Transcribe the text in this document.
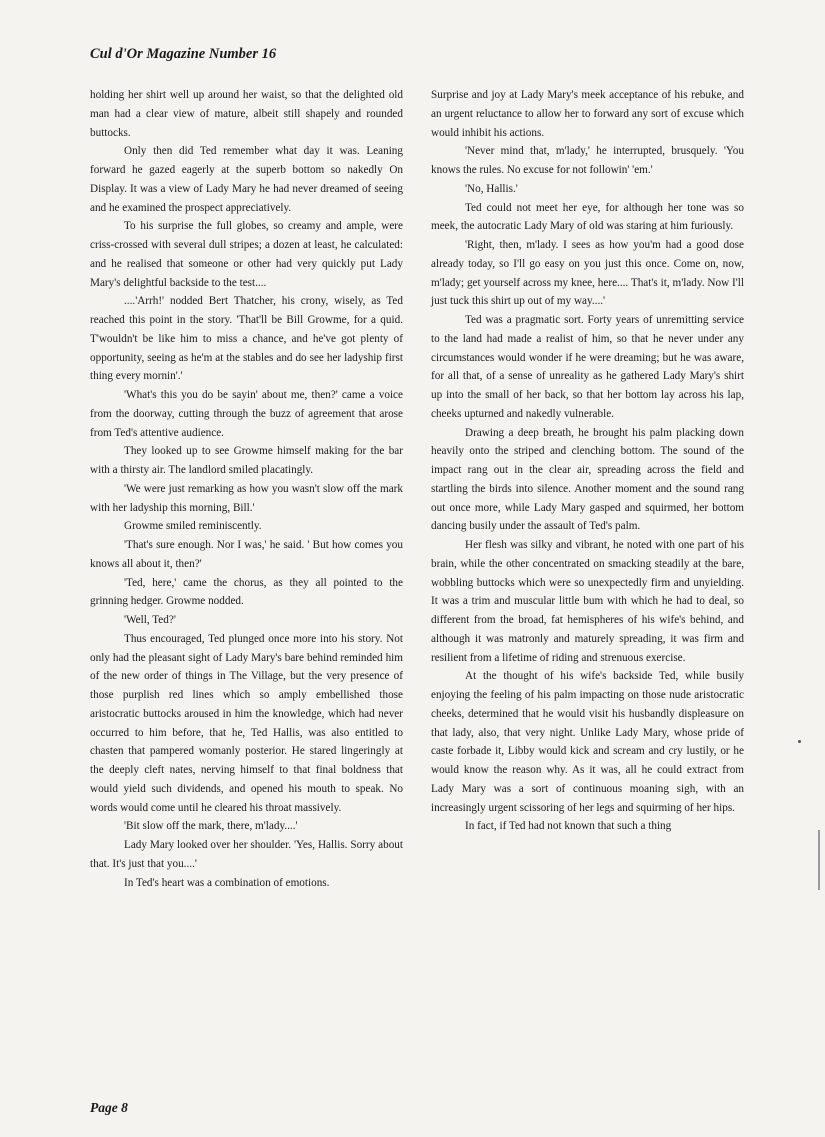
Cul d'Or Magazine Number 16

holding her shirt well up around her waist, so that the delighted old man had a clear view of mature, albeit still shapely and rounded buttocks.

Only then did Ted remember what day it was. Leaning forward he gazed eagerly at the superb bottom so nakedly On Display. It was a view of Lady Mary he had never dreamed of seeing and he examined the prospect appreciatively.

To his surprise the full globes, so creamy and ample, were criss-crossed with several dull stripes; a dozen at least, he calculated: and he realised that someone or other had very quickly put Lady Mary's delightful backside to the test....

....'Arrh!' nodded Bert Thatcher, his crony, wisely, as Ted reached this point in the story. 'That'll be Bill Growme, for a quid. T'wouldn't be like him to miss a chance, and he've got plenty of opportunity, seeing as he'm at the stables and do see her ladyship first thing every mornin'.'

'What's this you do be sayin' about me, then?' came a voice from the doorway, cutting through the buzz of agreement that arose from Ted's attentive audience.

They looked up to see Growme himself making for the bar with a thirsty air. The landlord smiled placatingly.

'We were just remarking as how you wasn't slow off the mark with her ladyship this morning, Bill.'

Growme smiled reminiscently.

'That's sure enough. Nor I was,' he said. ' But how comes you knows all about it, then?'

'Ted, here,' came the chorus, as they all pointed to the grinning hedger. Growme nodded.

'Well, Ted?'

Thus encouraged, Ted plunged once more into his story. Not only had the pleasant sight of Lady Mary's bare behind reminded him of the new order of things in The Village, but the very presence of those purplish red lines which so amply embellished those aristocratic buttocks aroused in him the knowledge, which had never occurred to him before, that he, Ted Hallis, was also entitled to chasten that pampered womanly posterior. He stared lingeringly at the deeply cleft nates, nerving himself to that final boldness that would yield such dividends, and opened his mouth to speak. No words would come until he cleared his throat massively.

'Bit slow off the mark, there, m'lady....'

Lady Mary looked over her shoulder. 'Yes, Hallis. Sorry about that. It's just that you....'

In Ted's heart was a combination of emotions.

Surprise and joy at Lady Mary's meek acceptance of his rebuke, and an urgent reluctance to allow her to forward any sort of excuse which would inhibit his actions.

'Never mind that, m'lady,' he interrupted, brusquely. 'You knows the rules. No excuse for not followin' 'em.'

'No, Hallis.'

Ted could not meet her eye, for although her tone was so meek, the autocratic Lady Mary of old was staring at him furiously.

'Right, then, m'lady. I sees as how you'm had a good dose already today, so I'll go easy on you just this once. Come on, now, m'lady; get yourself across my knee, here.... That's it, m'lady. Now I'll just tuck this shirt up out of my way....'

Ted was a pragmatic sort. Forty years of unremitting service to the land had made a realist of him, so that he never under any circumstances would wonder if he were dreaming; but he was aware, for all that, of a sense of unreality as he gathered Lady Mary's shirt up into the small of her back, so that her bottom lay across his lap, cheeks upturned and nakedly vulnerable.

Drawing a deep breath, he brought his palm placking down heavily onto the striped and clenching bottom. The sound of the impact rang out in the clear air, spreading across the field and startling the birds into silence. Another moment and the sound rang out once more, while Lady Mary gasped and squirmed, her bottom dancing busily under the assault of Ted's palm.

Her flesh was silky and vibrant, he noted with one part of his brain, while the other concentrated on smacking steadily at the bare, wobbling buttocks which were so unexpectedly firm and unyielding. It was a trim and muscular little bum with which he had to deal, so different from the broad, fat hemispheres of his wife's behind, and although it was matronly and maturely spreading, it was firm and resilient from a lifetime of riding and strenuous exercise.

At the thought of his wife's backside Ted, while busily enjoying the feeling of his palm impacting on those nude aristocratic cheeks, determined that he would visit his husbandly displeasure on that lady, also, that very night. Unlike Lady Mary, whose pride of caste forbade it, Libby would kick and scream and cry lustily, or he would know the reason why. As it was, all he could extract from Lady Mary was a sort of continuous moaning sigh, with an increasingly urgent scissoring of her legs and squirming of her hips.

In fact, if Ted had not known that such a thing

Page 8
